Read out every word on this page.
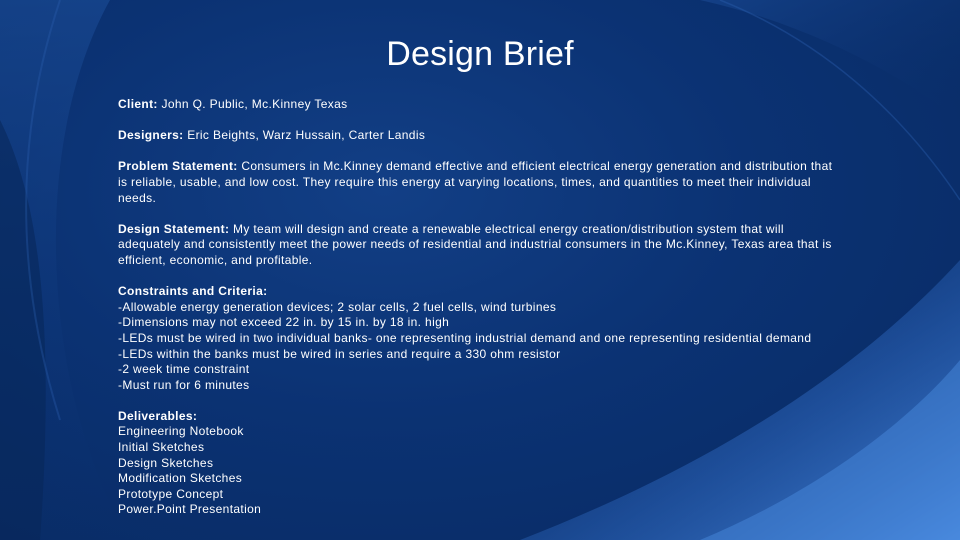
Design Brief

Client: John Q. Public, Mc.Kinney Texas

Designers: Eric Beights, Warz Hussain, Carter Landis

Problem Statement: Consumers in Mc.Kinney demand effective and efficient electrical energy generation and distribution that is reliable, usable, and low cost. They require this energy at varying locations, times, and quantities to meet their individual needs.

Design Statement: My team will design and create a renewable electrical energy creation/distribution system that will adequately and consistently meet the power needs of residential and industrial consumers in the Mc.Kinney, Texas area that is efficient, economic, and profitable.

Constraints and Criteria:
-Allowable energy generation devices; 2 solar cells, 2 fuel cells, wind turbines
-Dimensions may not exceed 22 in. by 15 in. by 18 in. high
-LEDs must be wired in two individual banks- one representing industrial demand and one representing residential demand
-LEDs within the banks must be wired in series and require a 330 ohm resistor
-2 week time constraint
-Must run for 6 minutes

Deliverables:
Engineering Notebook
Initial Sketches
Design Sketches
Modification Sketches
Prototype Concept
Power.Point Presentation
